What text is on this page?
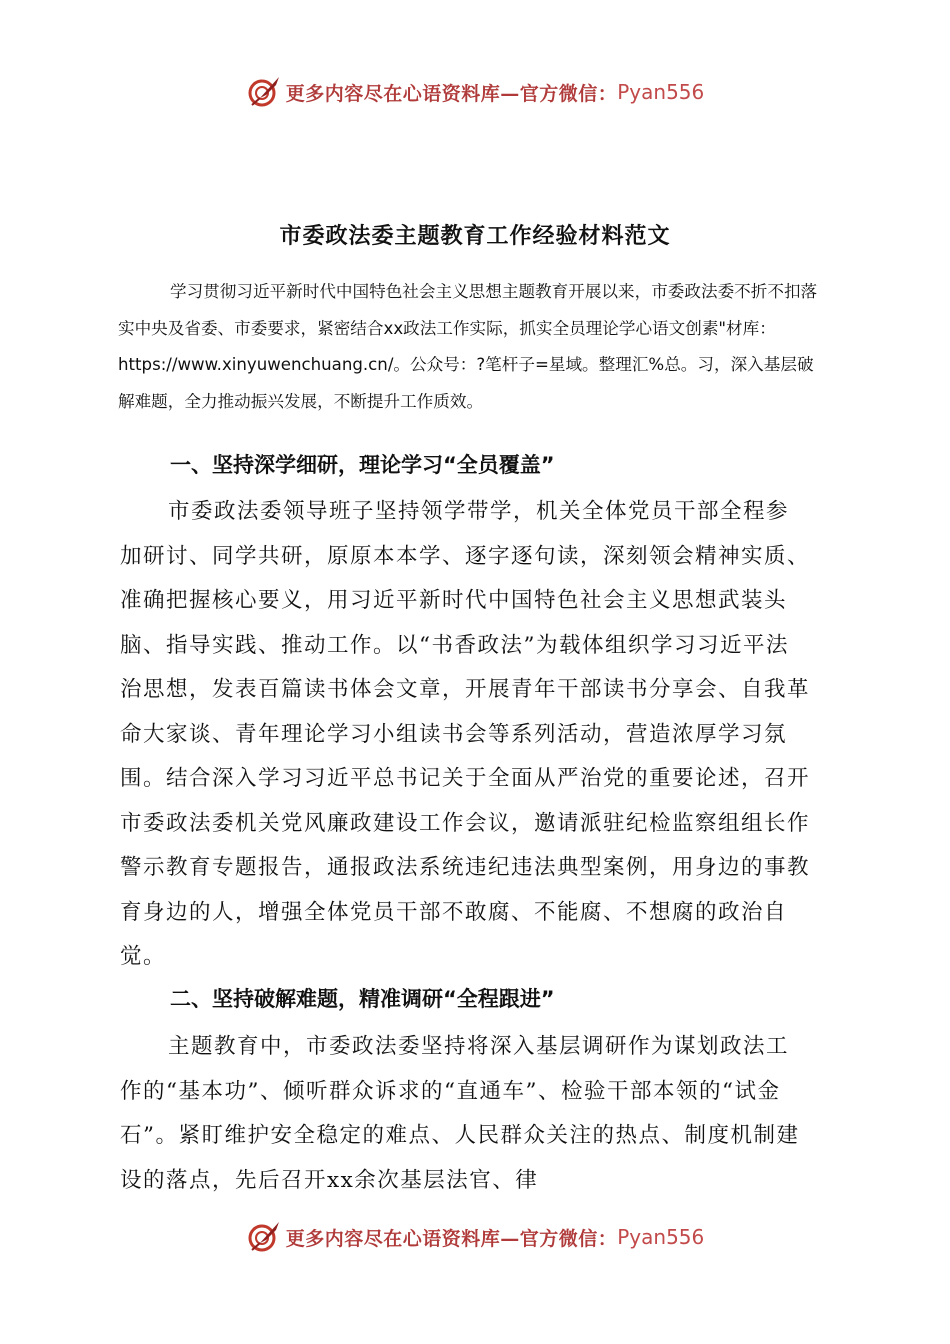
更多内容尽在心语资料库—官方微信： Pyan556
市委政法委主题教育工作经验材料范文

学习贯彻习近平新时代中国特色社会主义思想主题教育开展以来，市委政法委不折不扣落实中央及省委、市委要求，紧密结合xx政法工作实际，抓实全员理论学心语文创素"材库：https://www.xinyuwenchuang.cn/。公众号：?笔杆子=星域。整理汇%总。习，深入基层破解难题，全力推动振兴发展，不断提升工作质效。

一、坚持深学细研，理论学习“全员覆盖”

市委政法委领导班子坚持领学带学，机关全体党员干部全程参加研讨、同学共研，原原本本学、逐字逐句读，深刻领会精神实质、准确把握核心要义，用习近平新时代中国特色社会主义思想武装头脑、指导实践、推动工作。以“书香政法”为载体组织学习习近平法治思想，发表百篇读书体会文章，开展青年干部读书分享会、自我革命大家谈、青年理论学习小组读书会等系列活动，营造浓厚学习氛围。结合深入学习习近平总书记关于全面从严治党的重要论述，召开市委政法委机关党风廉政建设工作会议，邀请派驻纪检监察组组长作警示教育专题报告，通报政法系统违纪违法典型案例，用身边的事教育身边的人，增强全体党员干部不敢腐、不能腐、不想腐的政治自觉。

二、坚持破解难题，精准调研“全程跟进”

主题教育中，市委政法委坚持将深入基层调研作为谋划政法工作的“基本功”、倾听群众诉求的“直通车”、检验干部本领的“试金石”。紧盯维护安全稳定的难点、人民群众关注的热点、制度机制建设的落点，先后召开xx余次基层法官、律

更多内容尽在心语资料库—官方微信： Pyan556
